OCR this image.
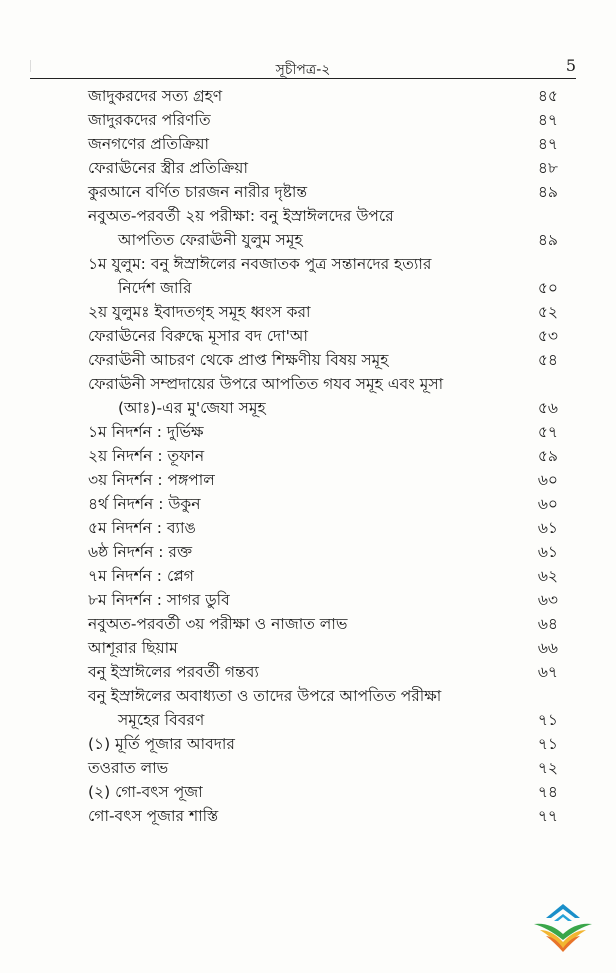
সূচীপত্র-২	5
জাদুকরদের সত্য গ্রহণ	৪৫
জাদুরকদের পরিণতি	৪৭
জনগণের প্রতিক্রিয়া	৪৭
ফেরাঊনের স্ত্রীর প্রতিক্রিয়া	৪৮
কুরআনে বর্ণিত চারজন নারীর দৃষ্টান্ত	৪৯
নবুঅত-পরবর্তী ২য় পরীক্ষা: বনু ইস্রাঈলদের উপরে
আপতিত ফেরাঊনী যুলুম সমূহ	৪৯
১ম যুলুম: বনু ঈস্রাঈলের নবজাতক পুত্র সন্তানদের হত্যার
নির্দেশ জারি	৫০
২য় যুলুমঃ ইবাদতগৃহ সমূহ ধ্বংস করা	৫২
ফেরাঊনের বিরুদ্ধে মূসার বদ দো'আ	৫৩
ফেরাঊনী আচরণ থেকে প্রাপ্ত শিক্ষণীয় বিষয় সমূহ	৫৪
ফেরাঊনী সম্প্রদায়ের উপরে আপতিত গযব সমূহ এবং মূসা
(আঃ)-এর মু'জেযা সমূহ	৫৬
১ম নিদর্শন : দুর্ভিক্ষ	৫৭
২য় নিদর্শন : তূফান	৫৯
৩য় নিদর্শন : পঙ্গপাল	৬০
৪র্থ নিদর্শন : উকুন	৬০
৫ম নিদর্শন : ব্যাঙ	৬১
৬ষ্ঠ নিদর্শন : রক্ত	৬১
৭ম নিদর্শন : প্লেগ	৬২
৮ম নিদর্শন : সাগর ডুবি	৬৩
নবুঅত-পরবর্তী ৩য় পরীক্ষা ও নাজাত লাভ	৬৪
আশূরার ছিয়াম	৬৬
বনু ইস্রাঈলের পরবর্তী গন্তব্য	৬৭
বনু ইস্রাঈলের অবাধ্যতা ও তাদের উপরে আপতিত পরীক্ষা
সমূহের বিবরণ	৭১
(১) মূর্তি পূজার আবদার	৭১
তওরাত লাভ	৭২
(২) গো-বৎস পূজা	৭৪
গো-বৎস পূজার শাস্তি	৭৭
